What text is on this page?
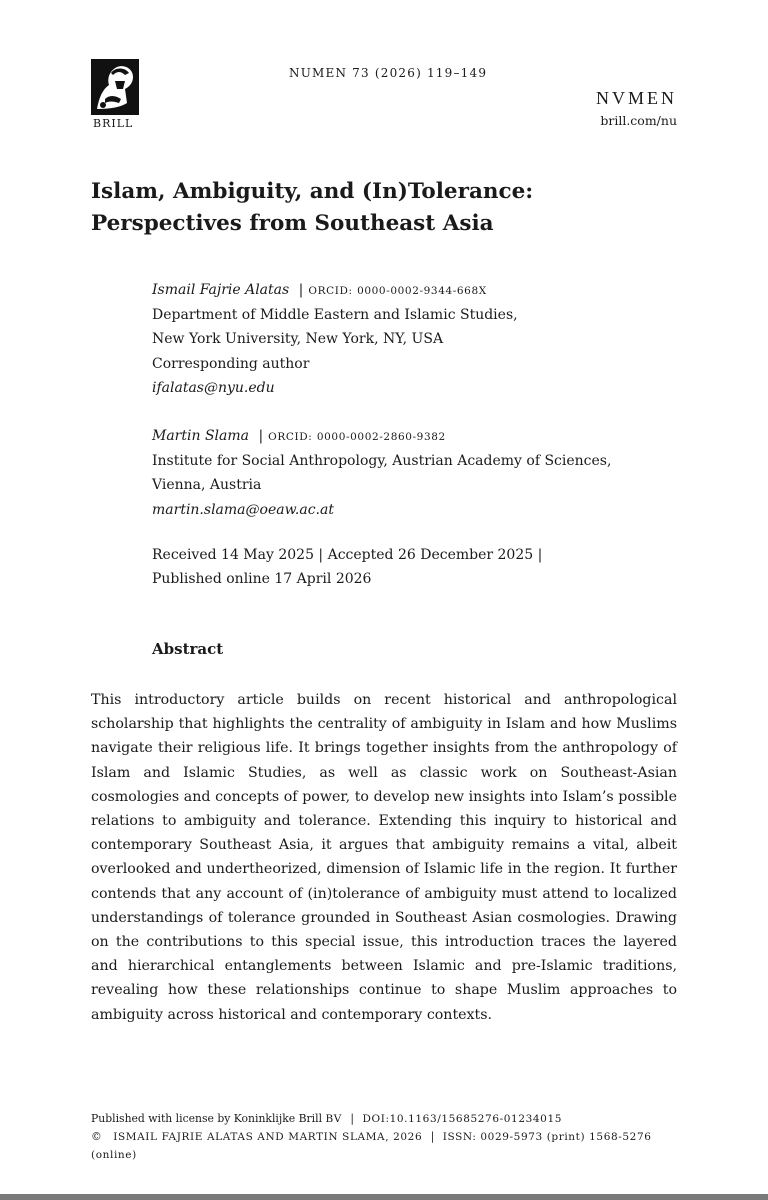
BRILL
NUMEN 73 (2026) 119–149
NVMEN
brill.com/nu
Islam, Ambiguity, and (In)Tolerance:
Perspectives from Southeast Asia
Ismail Fajrie Alatas | ORCID: 0000-0002-9344-668X
Department of Middle Eastern and Islamic Studies,
New York University, New York, NY, USA
Corresponding author
ifalatas@nyu.edu
Martin Slama | ORCID: 0000-0002-2860-9382
Institute for Social Anthropology, Austrian Academy of Sciences,
Vienna, Austria
martin.slama@oeaw.ac.at
Received 14 May 2025 | Accepted 26 December 2025 |
Published online 17 April 2026
Abstract
This introductory article builds on recent historical and anthropological scholarship that highlights the centrality of ambiguity in Islam and how Muslims navigate their religious life. It brings together insights from the anthropology of Islam and Islamic Studies, as well as classic work on Southeast-Asian cosmologies and concepts of power, to develop new insights into Islam’s possible relations to ambiguity and tolerance. Extending this inquiry to historical and contemporary Southeast Asia, it argues that ambiguity remains a vital, albeit overlooked and undertheorized, dimension of Islamic life in the region. It further contends that any account of (in)tolerance of ambiguity must attend to localized understandings of tolerance grounded in Southeast Asian cosmologies. Drawing on the contributions to this special issue, this introduction traces the layered and hierarchical entanglements between Islamic and pre-Islamic traditions, revealing how these relationships continue to shape Muslim approaches to ambiguity across historical and contemporary contexts.
Published with license by Koninklijke Brill BV | DOI:10.1163/15685276-01234015
© ISMAIL FAJRIE ALATAS AND MARTIN SLAMA, 2026 | ISSN: 0029-5973 (print) 1568-5276 (online)
